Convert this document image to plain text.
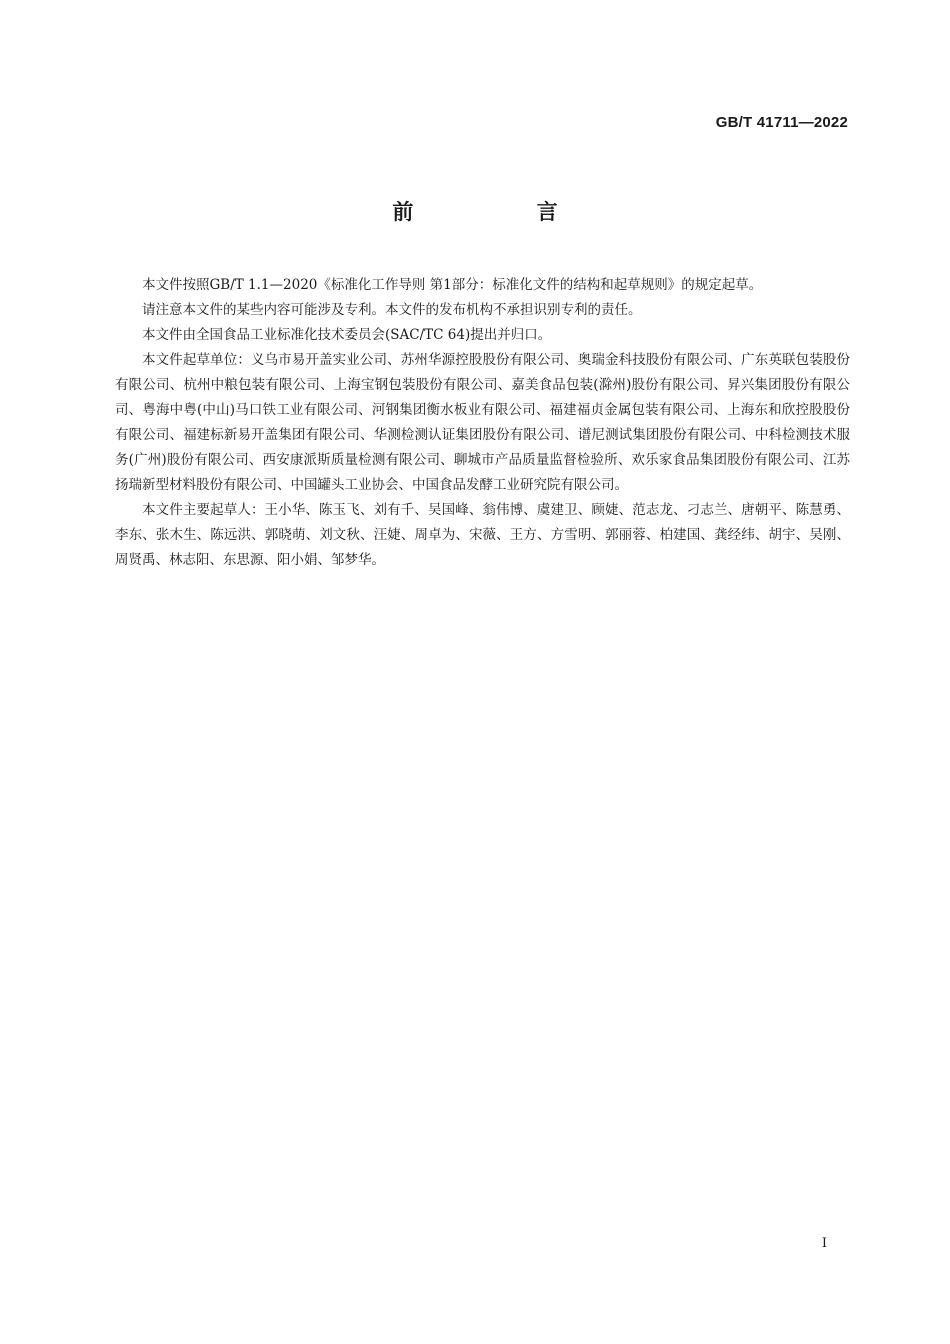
GB/T 41711—2022
前 言

本文件按照GB/T 1.1—2020《标准化工作导则 第1部分：标准化文件的结构和起草规则》的规定起草。

请注意本文件的某些内容可能涉及专利。本文件的发布机构不承担识别专利的责任。

本文件由全国食品工业标准化技术委员会(SAC/TC 64)提出并归口。

本文件起草单位：义乌市易开盖实业公司、苏州华源控股股份有限公司、奥瑞金科技股份有限公司、广东英联包装股份有限公司、杭州中粮包装有限公司、上海宝钢包装股份有限公司、嘉美食品包装(滁州)股份有限公司、昇兴集团股份有限公司、粤海中粤(中山)马口铁工业有限公司、河钢集团衡水板业有限公司、福建福贞金属包装有限公司、上海东和欣控股股份有限公司、福建标新易开盖集团有限公司、华测检测认证集团股份有限公司、谱尼测试集团股份有限公司、中科检测技术服务(广州)股份有限公司、西安康派斯质量检测有限公司、聊城市产品质量监督检验所、欢乐家食品集团股份有限公司、江苏扬瑞新型材料股份有限公司、中国罐头工业协会、中国食品发酵工业研究院有限公司。

本文件主要起草人：王小华、陈玉飞、刘有千、吴国峰、翁伟博、虞建卫、顾婕、范志龙、刁志兰、唐朝平、陈慧勇、李东、张木生、陈远洪、郭晓萌、刘文秋、汪婕、周卓为、宋薇、王方、方雪明、郭丽蓉、柏建国、龚经纬、胡宇、吴刚、周贤禹、林志阳、东思源、阳小娟、邹梦华。

I
